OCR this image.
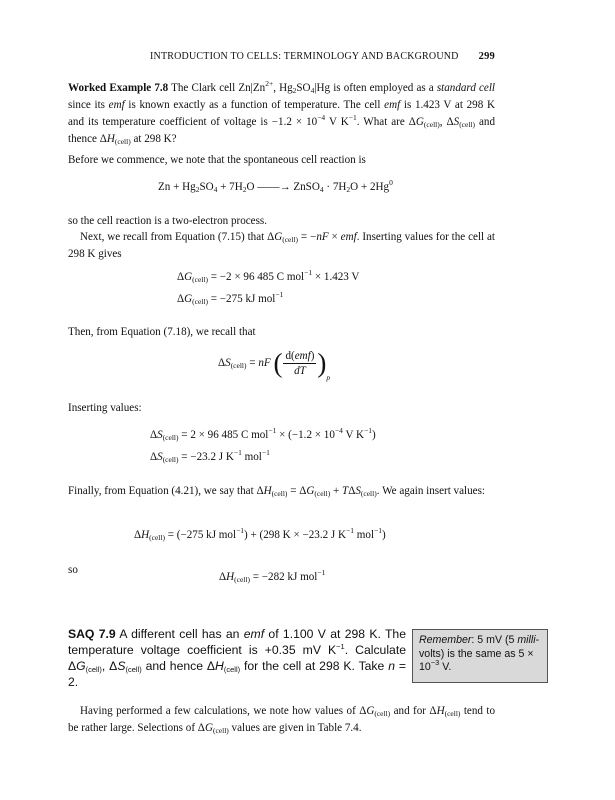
INTRODUCTION TO CELLS: TERMINOLOGY AND BACKGROUND 299
Worked Example 7.8 The Clark cell $Zn|Zn^{2+}$, $Hg_2SO_4|Hg$ is often employed as a standard cell since its emf is known exactly as a function of temperature. The cell emf is 1.423 V at 298 K and its temperature coefficient of voltage is $-1.2 \times 10^{-4}$ V $K^{-1}$. What are $\Delta G_{(cell)}$, $\Delta S_{(cell)}$ and thence $\Delta H_{(cell)}$ at 298 K?
Before we commence, we note that the spontaneous cell reaction is
$Zn + Hg_2SO_4 + 7H_2O$ ——→ ZnSO$_4$ · $7H_2O + 2Hg^0$
so the cell reaction is a two-electron process.
Next, we recall from Equation (7.15) that $\Delta G_{(cell)} = -nF$ × emf. Inserting values for the cell at 298 K gives
$\Delta G_{(cell)} = -2 \times 96$ 485 C mol$^{-1}$ × 1.423 V
$\Delta G_{(cell)} = -275$ kJ mol$^{-1}$
Then, from Equation (7.18), we recall that
$\Delta S_{(cell)}$ = nF ( $\frac{\text{d(emf)}}{dT} )_p$
Inserting values:
$\Delta S_{(cell)} = 2 \times 96$ 485 C $mol^{-1} \times (-1.2 \times 10^{-4}$ V $K^{-1}$)
$\Delta S_{(cell)} = -23.2$ J $K^{-1}$ mol$^{-1}$
Finally, from Equation (4.21), we say that $\Delta H_{(cell)} = \Delta G_{(cell)} + T\Delta S_{(cell)}$. We again insert values:
$\Delta H_{(cell)} = (-275$ kJ mol$^{-1}$) + (298 K × −23.2 J $K^{-1}$ mol$^{-1}$)
so
$\Delta H_{(cell)} = -282$ kJ mol$^{-1}$
SAQ 7.9 A different cell has an emf of 1.100 V at 298 K. The temperature voltage coefficient is +0.35 mV $K^{-1}$. Calculate $\Delta G_{(cell)}$, $\Delta S_{(cell)}$ and hence $\Delta H_{(cell)}$ for the cell at 298 K. Take n = 2.
Remember: 5 mV (5 milli-volts) is the same as $5 \times 10^{-3}$ V.
Having performed a few calculations, we note how values of $\Delta G_{(cell)}$ and for $\Delta H_{(cell)}$ tend to be rather large. Selections of $\Delta G_{(cell)}$ values are given in Table 7.4.
